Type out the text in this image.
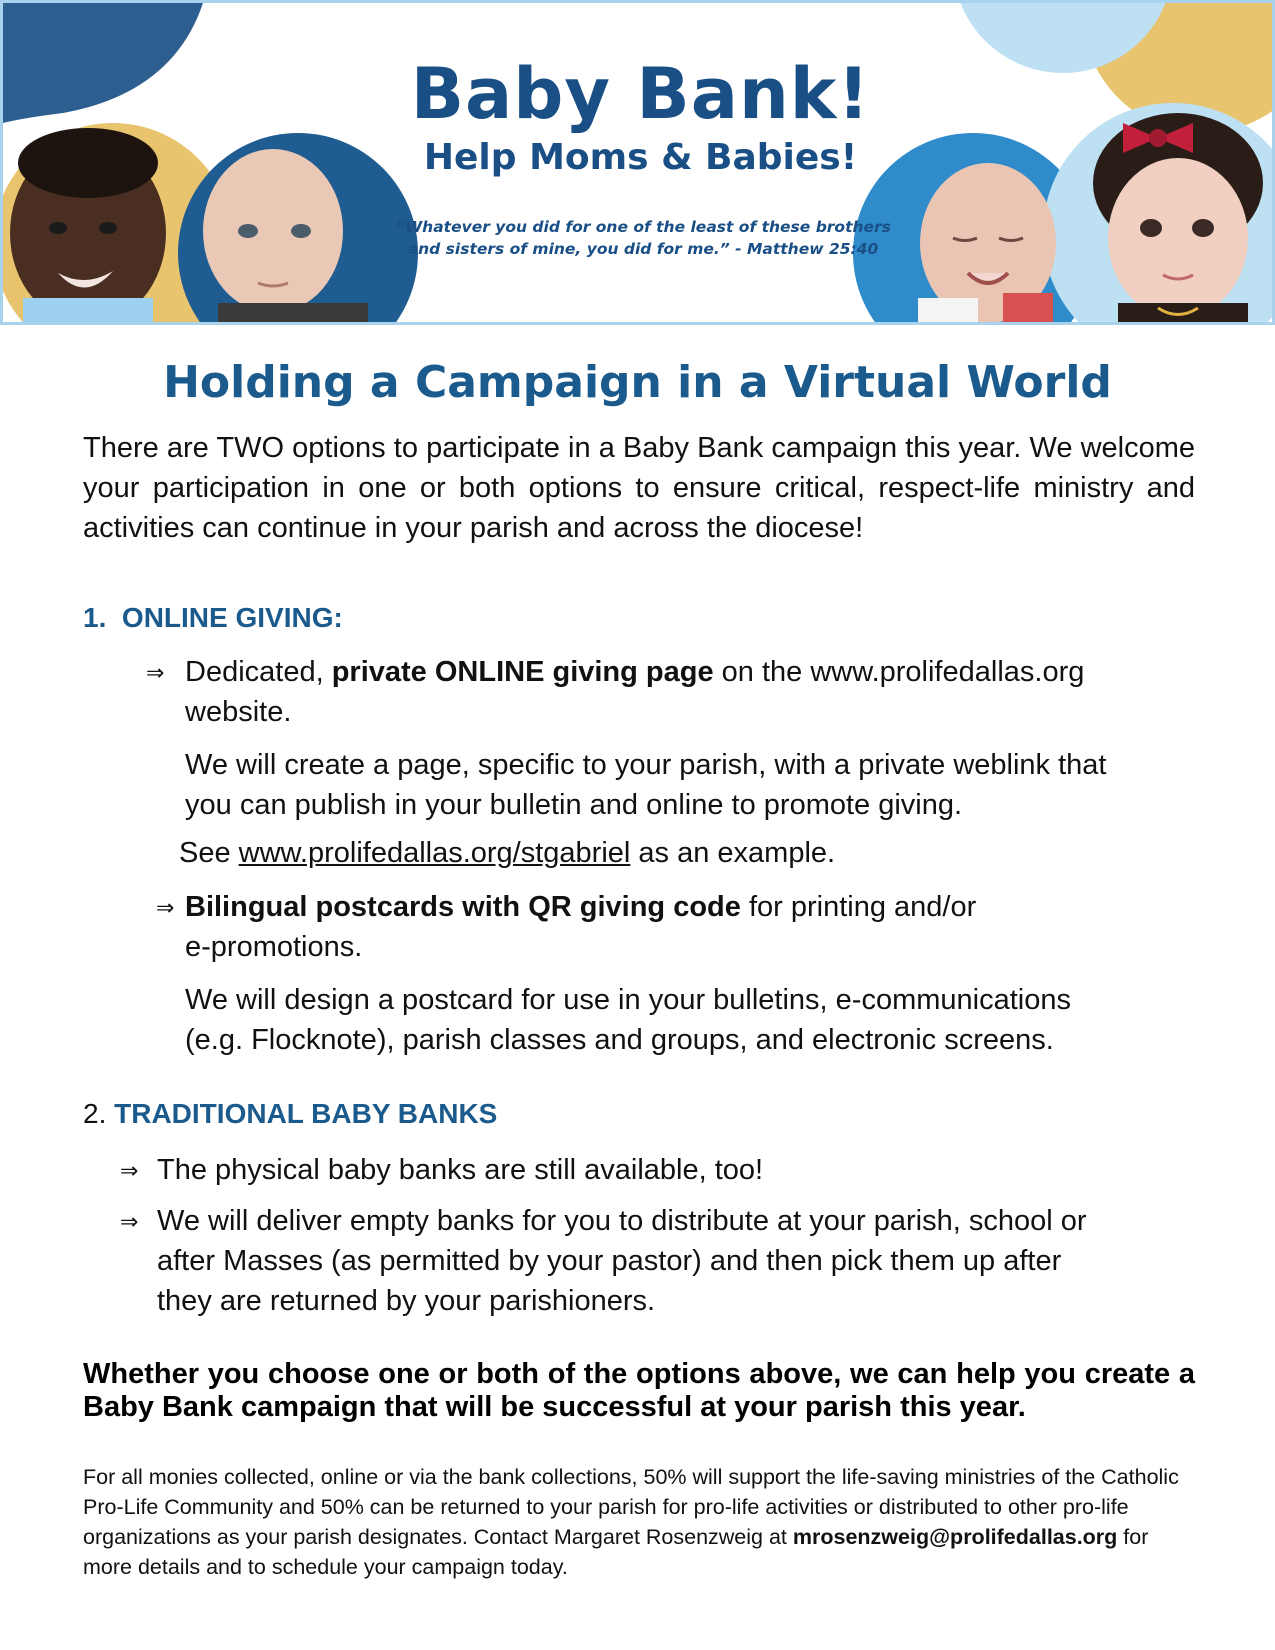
Baby Bank!
Help Moms & Babies!
“Whatever you did for one of the least of these brothers
and sisters of mine, you did for me.” - Matthew 25:40
Holding a Campaign in a Virtual World

There are TWO options to participate in a Baby Bank campaign this year. We welcome your participation in one or both options to ensure critical, respect-life ministry and activities can continue in your parish and across the diocese!

1. ONLINE GIVING:
⇒ Dedicated, private ONLINE giving page on the www.prolifedallas.org
website.
We will create a page, specific to your parish, with a private weblink that
you can publish in your bulletin and online to promote giving.
See www.prolifedallas.org/stgabriel as an example.
⇒ Bilingual postcards with QR giving code for printing and/or
e-promotions.
We will design a postcard for use in your bulletins, e-communications
(e.g. Flocknote), parish classes and groups, and electronic screens.
2. TRADITIONAL BABY BANKS
⇒ The physical baby banks are still available, too!
⇒ We will deliver empty banks for you to distribute at your parish, school or
after Masses (as permitted by your pastor) and then pick them up after
they are returned by your parishioners.

Whether you choose one or both of the options above, we can help you create a Baby Bank campaign that will be successful at your parish this year.

For all monies collected, online or via the bank collections, 50% will support the life-saving ministries of the Catholic Pro-Life Community and 50% can be returned to your parish for pro-life activities or distributed to other pro-life organizations as your parish designates. Contact Margaret Rosenzweig at mrosenzweig@prolifedallas.org for more details and to schedule your campaign today.
